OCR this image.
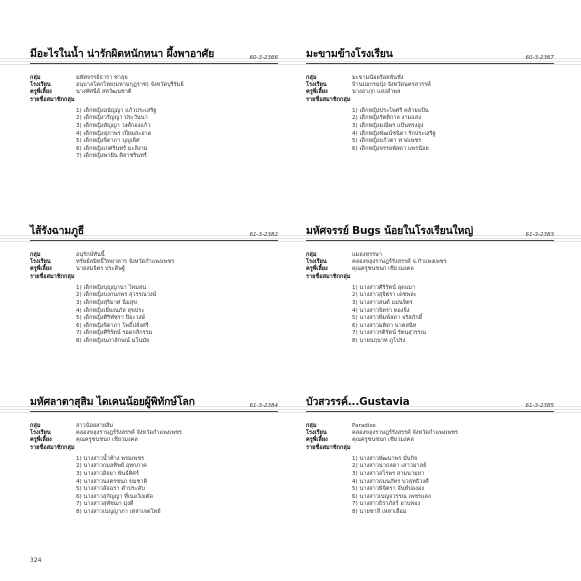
มีอะไรในน้ำ น่ารักผิดหนักหนา ผึ้งพาอาศัย	60-3-2366
กลุ่ม	มหัศจรรย์ธารา ชาลุย
โรงเรียน	อนุบาลโคกไทย(มหามกุฎราช) จังหวัดบุรีรัมย์
ครูพี่เลี้ยง	นางทัศนีย์ สหวัฒนชาติ
รายชื่อสมาชิกกลุ่ม
1) เด็กหญิงอนัญญา แก้วประเสริฐ
2) เด็กหญิงวรัญญา ประวันนา
3) เด็กหญิงสัญญา วงศ์กองแก้ว
4) เด็กหญิงสุภาพร เปี่ยมสะอาด
5) เด็กหญิงจิดาภา บุญเลิศ
6) เด็กหญิงเกศรินทร์ มะลิงาม
7) เด็กหญิงพาฝัน ศิลาชรินทร์
มะขามข้างโรงเรียน	60-3-2367
กลุ่ม	มะขามน้อยร้อยพันชั่ง
โรงเรียน	บ้านบ่อกรมปุ่ง จังหวัดนครสวรรค์
ครูพี่เลี้ยง	นางอาภุก แสงอำพล
รายชื่อสมาชิกกลุ่ม
1) เด็กหญิงประไพศรี คล้ายแป้น
2) เด็กหญิงรัตติกาล งามแสง
3) เด็กหญิงมณีพร แป้นทรงสูง
4) เด็กหญิงพัฒน์ชนิดา รักประเสริฐ
5) เด็กหญิงแก้วตา ทาดเพชร
6) เด็กหญิงจรรยพัสดา แพรน้อย
ไส้รังฉามภูธี	61-3-2382
กลุ่ม	อนุรักษ์ทันนี้
โรงเรียน	ทรัพย์สมิทธิ์วิทยาคาร จังหวัดกำแพงเพชร
ครูพี่เลี้ยง	นายสมจิตร ประดิษฐ์
รายชื่อสมาชิกกลุ่ม
1) เด็กหญิงบุญญานา ไหมสน
2) เด็กหญิงบงกนกพร สุวรรณวงษ์
3) เด็กหญิงสุริมาศ ฉิมสุข
4) เด็กหญิงเยี่ยงนภัส สุขประ
5) เด็กหญิงศิริพัชรา ปิยะวงษ์
6) เด็กหญิงจิดาภา โพธิ์ปลั่งศรี
7) เด็กหญิงศิริรัตน์ รอดกสิกรรม
8) เด็กหญิงนภาลักษณ์ มโนมัย
มหัศจรรย์ Bugs น้อยในโรงเรียนใหญ่	61-3-2383
กลุ่ม	แมลงหรรษา
โรงเรียน	คลองขลุงราษฎร์รังสรรค์ จ.กำแพงเพชร
ครูพี่เลี้ยง	คุณครูชนชนก เชียวมงคล
รายชื่อสมาชิกกลุ่ม
1) นางสาวศิริรัตน์ อุดแมา
2) นางสาวสุจิตรา เดชพละ
3) นางสาวสนต์ แม่นจิตร
4) นางสาวจิตรา ทองจิ่ง
5) นางสาวพิมพ์ลดา จรัสภักดิ์
6) นางสาวมติดา นาคสนิท
7) นางสาวรติรัตน์ รัตนสุวรรณ
8) นายนฤนาท ภูโปร่ง
มหัศลาตาสุสิม ไดเคนน้อยผู้พิทักษ์โลก	61-3-2384
กลุ่ม	สาวน้อยสายสิม
โรงเรียน	คลองขลุงราษฎร์รังสรรค์ จังหวัดกำแพงเพชร
ครูพี่เลี้ยง	คุณครูชนชนก เชียวมงคล
รายชื่อสมาชิกกลุ่ม
1) นางสาวน้ำค้าง พรมเพชร
2) นางสาวกมลทิพย์ อุทกภาค
3) นางสาวอิจยา พันธ์ติศร์
4) นางสาวนงครชนก ขมชาติ
5) นางสาวอัจฉรา คำประดับ
6) นางสาวสุกัญญา ที่เนอว์เมตัด
7) นางสาวสุพัชฌา มุ่งดี
8) นางสาวเบญญาภา เหล่าเจตโทย์
บัวสวรรค์...Gustavia	61-3-2385
กลุ่ม	Paradise
โรงเรียน	คลองขลุงราษฎร์รังสรรค์ จังหวัดกำแพงเพชร
ครูพี่เลี้ยง	คุณครูชนชนก เชียวมงคล
รายชื่อสมาชิกกลุ่ม
1) นางสาวพัฒนาพร มั่นกิจ
2) นางสาวนาถลดา เสาวมาลย์
3) นางสาวสโรพร สามนามยา
4) นางสาวธมนภัทร บวสุทธิวงศ์
5) นางสาวพิจิตรา จันท์บ่ององ
6) นางสาวเบญจวรรณ เพชรแสง
7) นางสาวธิราภัสร์ อาบทอง
8) นายชาลี เหล่าเฮือม
324
